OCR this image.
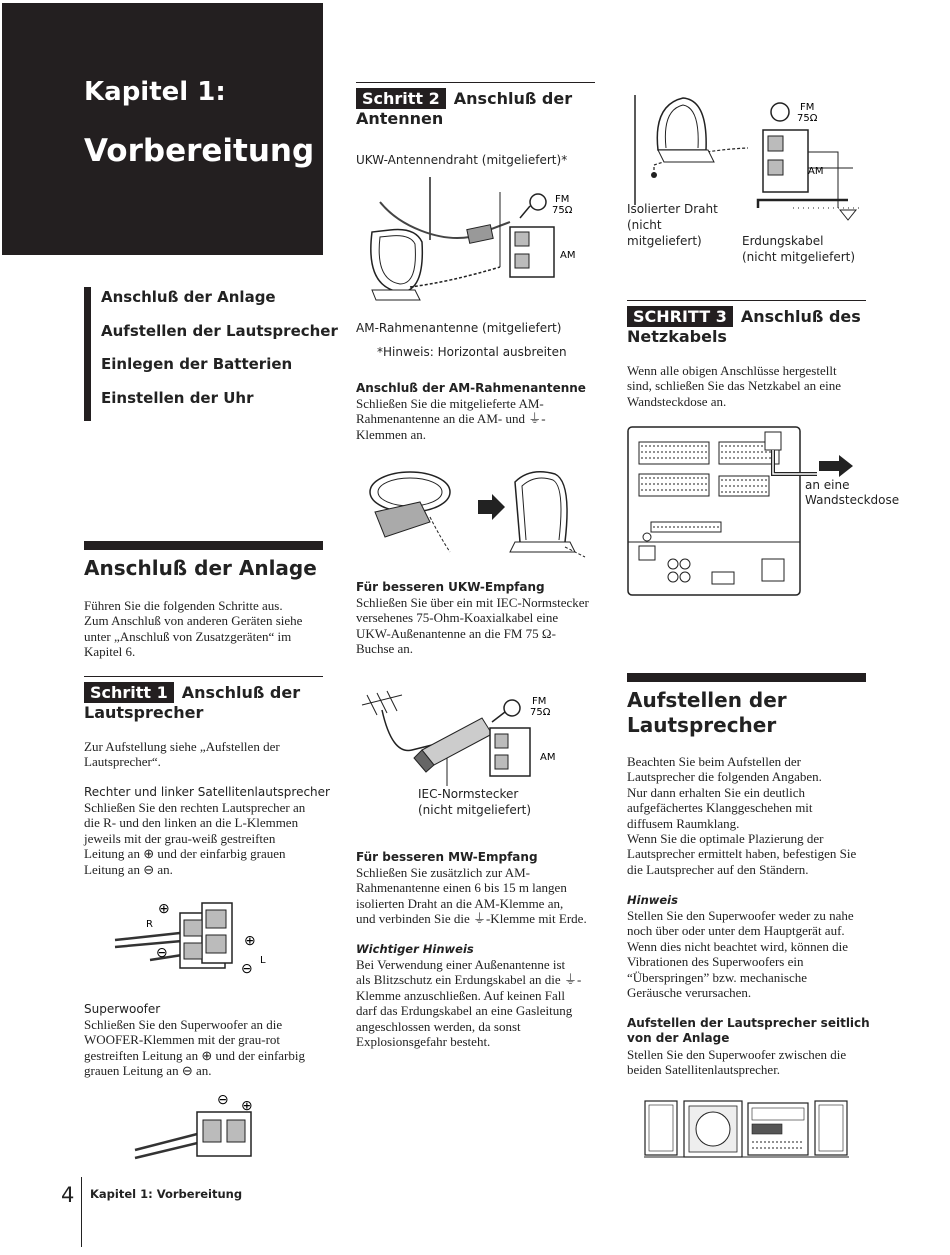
Kapitel 1:
Vorbereitung
Anschluß der Anlage
Aufstellen der Lautsprecher
Einlegen der Batterien
Einstellen der Uhr
Anschluß der Anlage
Führen Sie die folgenden Schritte aus.
Zum Anschluß von anderen Geräten siehe
unter „Anschluß von Zusatzgeräten“ im
Kapitel 6.
Schritt 1 Anschluß der
Lautsprecher
Zur Aufstellung siehe „Aufstellen der
Lautsprecher“.
Rechter und linker Satellitenlautsprecher
Schließen Sie den rechten Lautsprecher an
die R- und den linken an die L-Klemmen
jeweils mit der grau-weiß gestreiften
Leitung an ⊕ und der einfarbig grauen
Leitung an ⊖ an.
R
L
⊕
⊖
⊕
⊖
Superwoofer
Schließen Sie den Superwoofer an die
WOOFER-Klemmen mit der grau-rot
gestreiften Leitung an ⊕ und der einfarbig
grauen Leitung an ⊖ an.
⊖ ⊕
Schritt 2 Anschluß der
Antennen
UKW-Antennendraht (mitgeliefert)*
FM
75Ω
AM
AM-Rahmenantenne (mitgeliefert)
*Hinweis: Horizontal ausbreiten
Anschluß der AM-Rahmenantenne
Schließen Sie die mitgelieferte AM-
Rahmenantenne an die AM- und ⏚-
Klemmen an.
Für besseren UKW-Empfang
Schließen Sie über ein mit IEC-Normstecker
versehenes 75-Ohm-Koaxialkabel eine
UKW-Außenantenne an die FM 75 Ω-
Buchse an.
FM
75Ω
AM
IEC-Normstecker
(nicht mitgeliefert)
Für besseren MW-Empfang
Schließen Sie zusätzlich zur AM-
Rahmenantenne einen 6 bis 15 m langen
isolierten Draht an die AM-Klemme an,
und verbinden Sie die ⏚-Klemme mit Erde.
Wichtiger Hinweis
Bei Verwendung einer Außenantenne ist
als Blitzschutz ein Erdungskabel an die ⏚-
Klemme anzuschließen. Auf keinen Fall
darf das Erdungskabel an eine Gasleitung
angeschlossen werden, da sonst
Explosionsgefahr besteht.
FM
75Ω
AM
Isolierter Draht
(nicht
mitgeliefert)	Erdungskabel
(nicht mitgeliefert)
SCHRITT 3 Anschluß des
Netzkabels
Wenn alle obigen Anschlüsse hergestellt
sind, schließen Sie das Netzkabel an eine
Wandsteckdose an.
an eine
Wandsteckdose
Aufstellen der
Lautsprecher
Beachten Sie beim Aufstellen der
Lautsprecher die folgenden Angaben.
Nur dann erhalten Sie ein deutlich
aufgefächertes Klanggeschehen mit
diffusem Raumklang.
Wenn Sie die optimale Plazierung der
Lautsprecher ermittelt haben, befestigen Sie
die Lautsprecher auf den Ständern.
Hinweis
Stellen Sie den Superwoofer weder zu nahe
noch über oder unter dem Hauptgerät auf.
Wenn dies nicht beachtet wird, können die
Vibrationen des Superwoofers ein
“Überspringen” bzw. mechanische
Geräusche verursachen.
Aufstellen der Lautsprecher seitlich
von der Anlage
Stellen Sie den Superwoofer zwischen die
beiden Satellitenlautsprecher.
4 Kapitel 1: Vorbereitung
